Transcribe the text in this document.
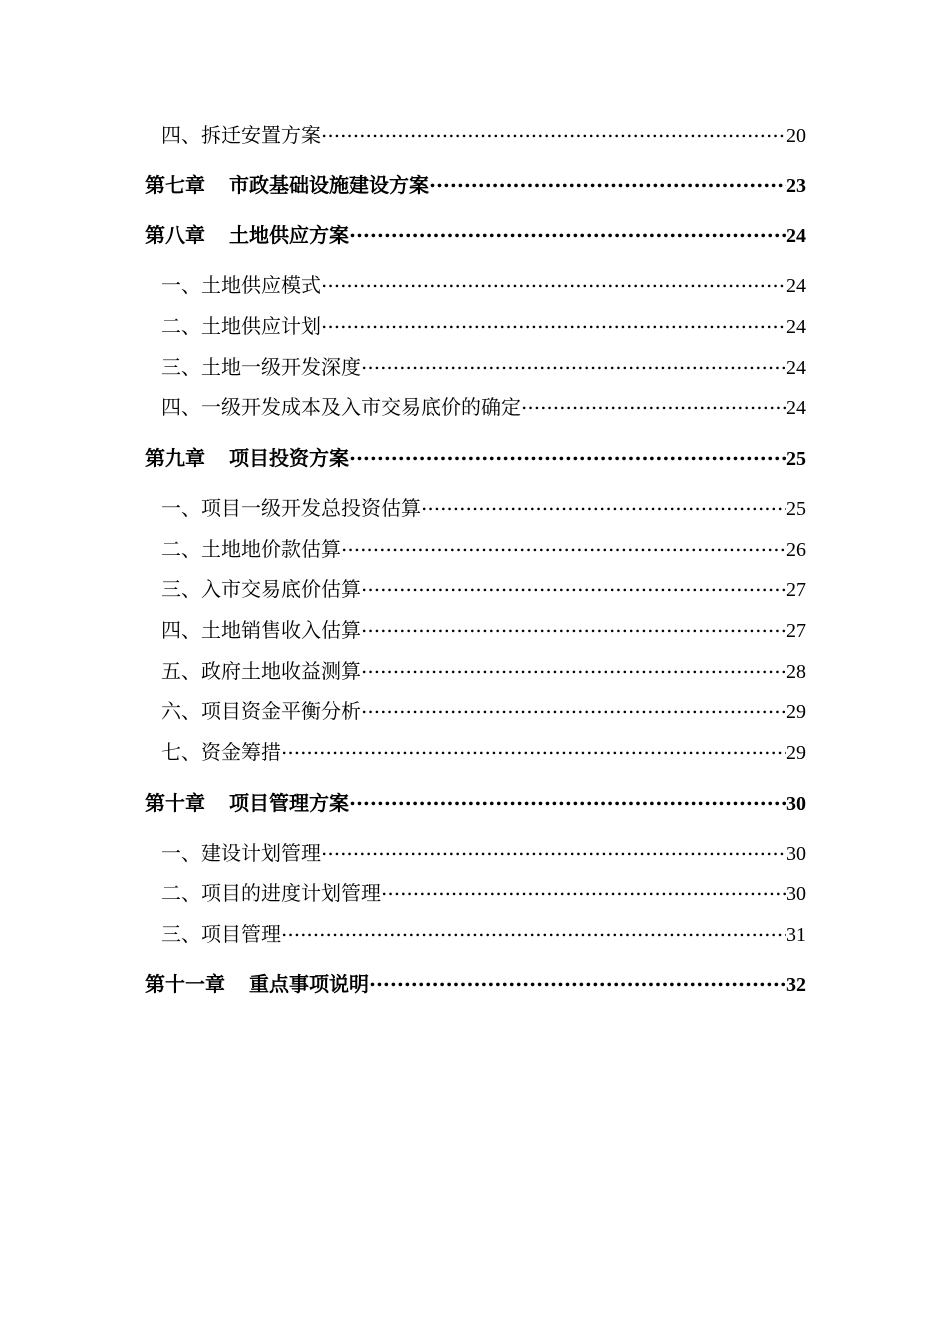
四、拆迁安置方案 .....	20
第七章 市政基础设施建设方案 .....	23
第八章 土地供应方案 .....	24
一、土地供应模式 .....	24
二、土地供应计划 .....	24
三、土地一级开发深度 .....	24
四、一级开发成本及入市交易底价的确定 .....	24
第九章 项目投资方案 .....	25
一、项目一级开发总投资估算 .....	25
二、土地地价款估算 .....	26
三、入市交易底价估算 .....	27
四、土地销售收入估算 .....	27
五、政府土地收益测算 .....	28
六、项目资金平衡分析 .....	29
七、资金筹措 .....	29
第十章 项目管理方案 .....	30
一、建设计划管理 .....	30
二、项目的进度计划管理 .....	30
三、项目管理 .....	31
第十一章 重点事项说明 .....	32
